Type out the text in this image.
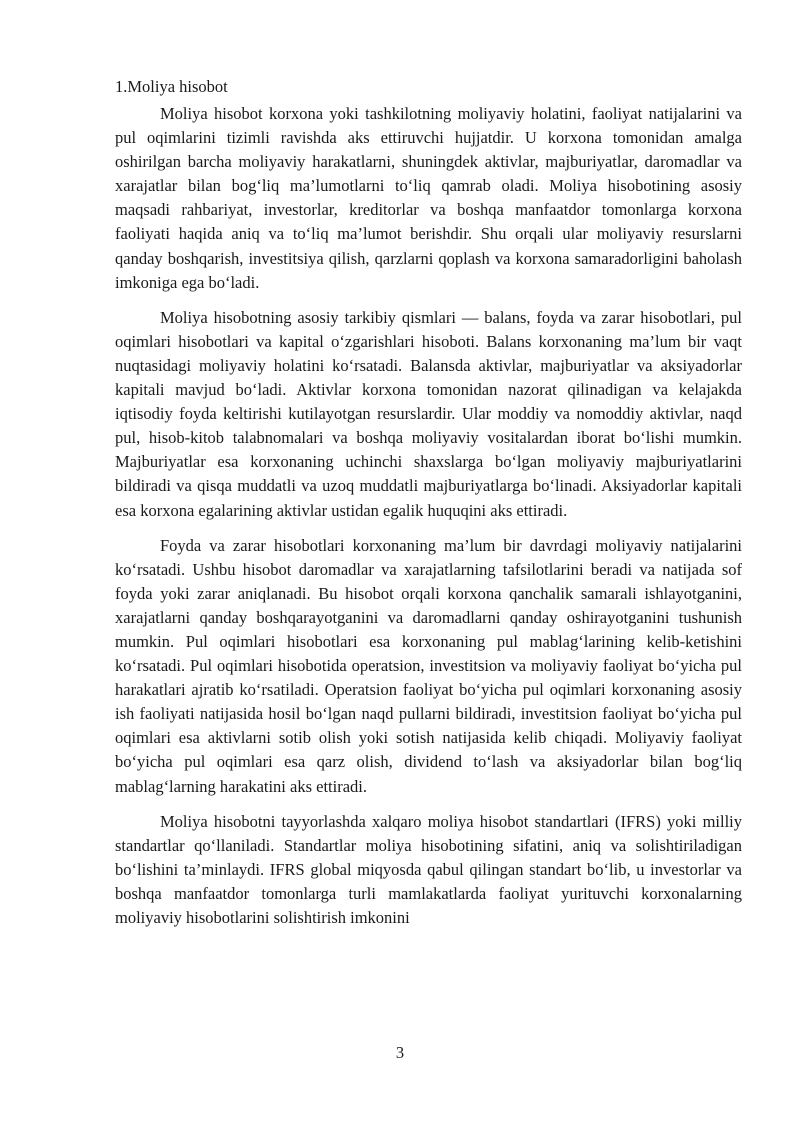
1.Moliya hisobot

Moliya hisobot korxona yoki tashkilotning moliyaviy holatini, faoliyat natijalarini va pul oqimlarini tizimli ravishda aks ettiruvchi hujjatdir. U korxona tomonidan amalga oshirilgan barcha moliyaviy harakatlarni, shuningdek aktivlar, majburiyatlar, daromadlar va xarajatlar bilan bog‘liq ma’lumotlarni to‘liq qamrab oladi. Moliya hisobotining asosiy maqsadi rahbariyat, investorlar, kreditorlar va boshqa manfaatdor tomonlarga korxona faoliyati haqida aniq va to‘liq ma’lumot berishdir. Shu orqali ular moliyaviy resurslarni qanday boshqarish, investitsiya qilish, qarzlarni qoplash va korxona samaradorligini baholash imkoniga ega bo‘ladi.

Moliya hisobotning asosiy tarkibiy qismlari — balans, foyda va zarar hisobotlari, pul oqimlari hisobotlari va kapital o‘zgarishlari hisoboti. Balans korxonaning ma’lum bir vaqt nuqtasidagi moliyaviy holatini ko‘rsatadi. Balansda aktivlar, majburiyatlar va aksiyadorlar kapitali mavjud bo‘ladi. Aktivlar korxona tomonidan nazorat qilinadigan va kelajakda iqtisodiy foyda keltirishi kutilayotgan resurslardir. Ular moddiy va nomoddiy aktivlar, naqd pul, hisob-kitob talabnomalari va boshqa moliyaviy vositalardan iborat bo‘lishi mumkin. Majburiyatlar esa korxonaning uchinchi shaxslarga bo‘lgan moliyaviy majburiyatlarini bildiradi va qisqa muddatli va uzoq muddatli majburiyatlarga bo‘linadi. Aksiyadorlar kapitali esa korxona egalarining aktivlar ustidan egalik huquqini aks ettiradi.

Foyda va zarar hisobotlari korxonaning ma’lum bir davrdagi moliyaviy natijalarini ko‘rsatadi. Ushbu hisobot daromadlar va xarajatlarning tafsilotlarini beradi va natijada sof foyda yoki zarar aniqlanadi. Bu hisobot orqali korxona qanchalik samarali ishlayotganini, xarajatlarni qanday boshqarayotganini va daromadlarni qanday oshirayotganini tushunish mumkin. Pul oqimlari hisobotlari esa korxonaning pul mablag‘larining kelib-ketishini ko‘rsatadi. Pul oqimlari hisobotida operatsion, investitsion va moliyaviy faoliyat bo‘yicha pul harakatlari ajratib ko‘rsatiladi. Operatsion faoliyat bo‘yicha pul oqimlari korxonaning asosiy ish faoliyati natijasida hosil bo‘lgan naqd pullarni bildiradi, investitsion faoliyat bo‘yicha pul oqimlari esa aktivlarni sotib olish yoki sotish natijasida kelib chiqadi. Moliyaviy faoliyat bo‘yicha pul oqimlari esa qarz olish, dividend to‘lash va aksiyadorlar bilan bog‘liq mablag‘larning harakatini aks ettiradi.

Moliya hisobotni tayyorlashda xalqaro moliya hisobot standartlari (IFRS) yoki milliy standartlar qo‘llaniladi. Standartlar moliya hisobotining sifatini, aniq va solishtiriladigan bo‘lishini ta’minlaydi. IFRS global miqyosda qabul qilingan standart bo‘lib, u investorlar va boshqa manfaatdor tomonlarga turli mamlakatlarda faoliyat yurituvchi korxonalarning moliyaviy hisobotlarini solishtirish imkonini

3
